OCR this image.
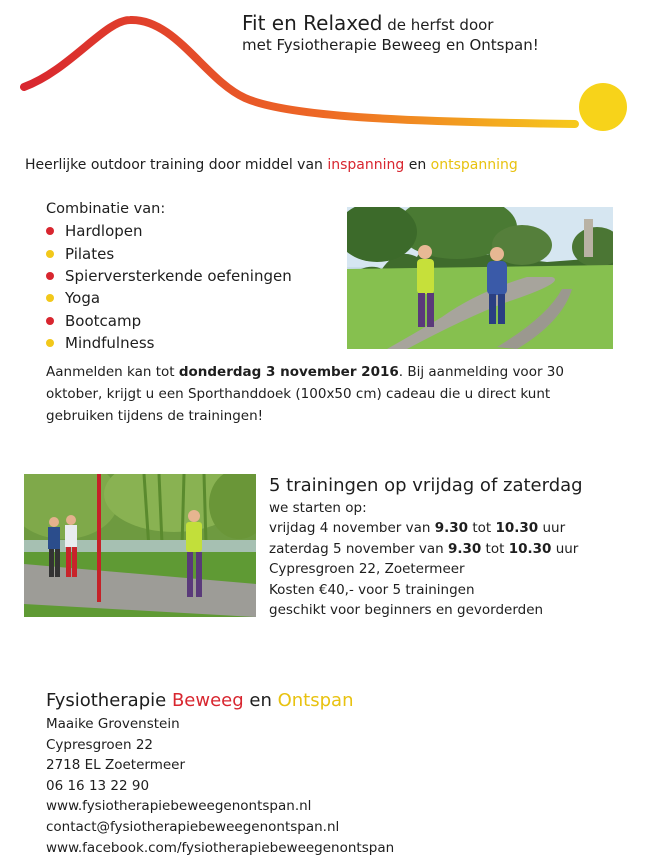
Fit en Relaxed de herfst door
met Fysiotherapie Beweeg en Ontspan!
Heerlijke outdoor training door middel van inspanning en ontspanning
Combinatie van:
Hardlopen
Pilates
Spierversterkende oefeningen
Yoga
Bootcamp
Mindfulness
Aanmelden kan tot donderdag 3 november 2016. Bij aanmelding voor 30 oktober, krijgt u een Sporthanddoek (100x50 cm) cadeau die u direct kunt gebruiken tijdens de trainingen!
5 trainingen op vrijdag of zaterdag
we starten op:
vrijdag 4 november van 9.30 tot 10.30 uur
zaterdag 5 november van 9.30 tot 10.30 uur
Cypresgroen 22, Zoetermeer
Kosten €40,- voor 5 trainingen
geschikt voor beginners en gevorderden
Fysiotherapie Beweeg en Ontspan
Maaike Grovenstein
Cypresgroen 22
2718 EL Zoetermeer
06 16 13 22 90
www.fysiotherapiebeweegenontspan.nl
contact@fysiotherapiebeweegenontspan.nl
www.facebook.com/fysiotherapiebeweegenontspan
